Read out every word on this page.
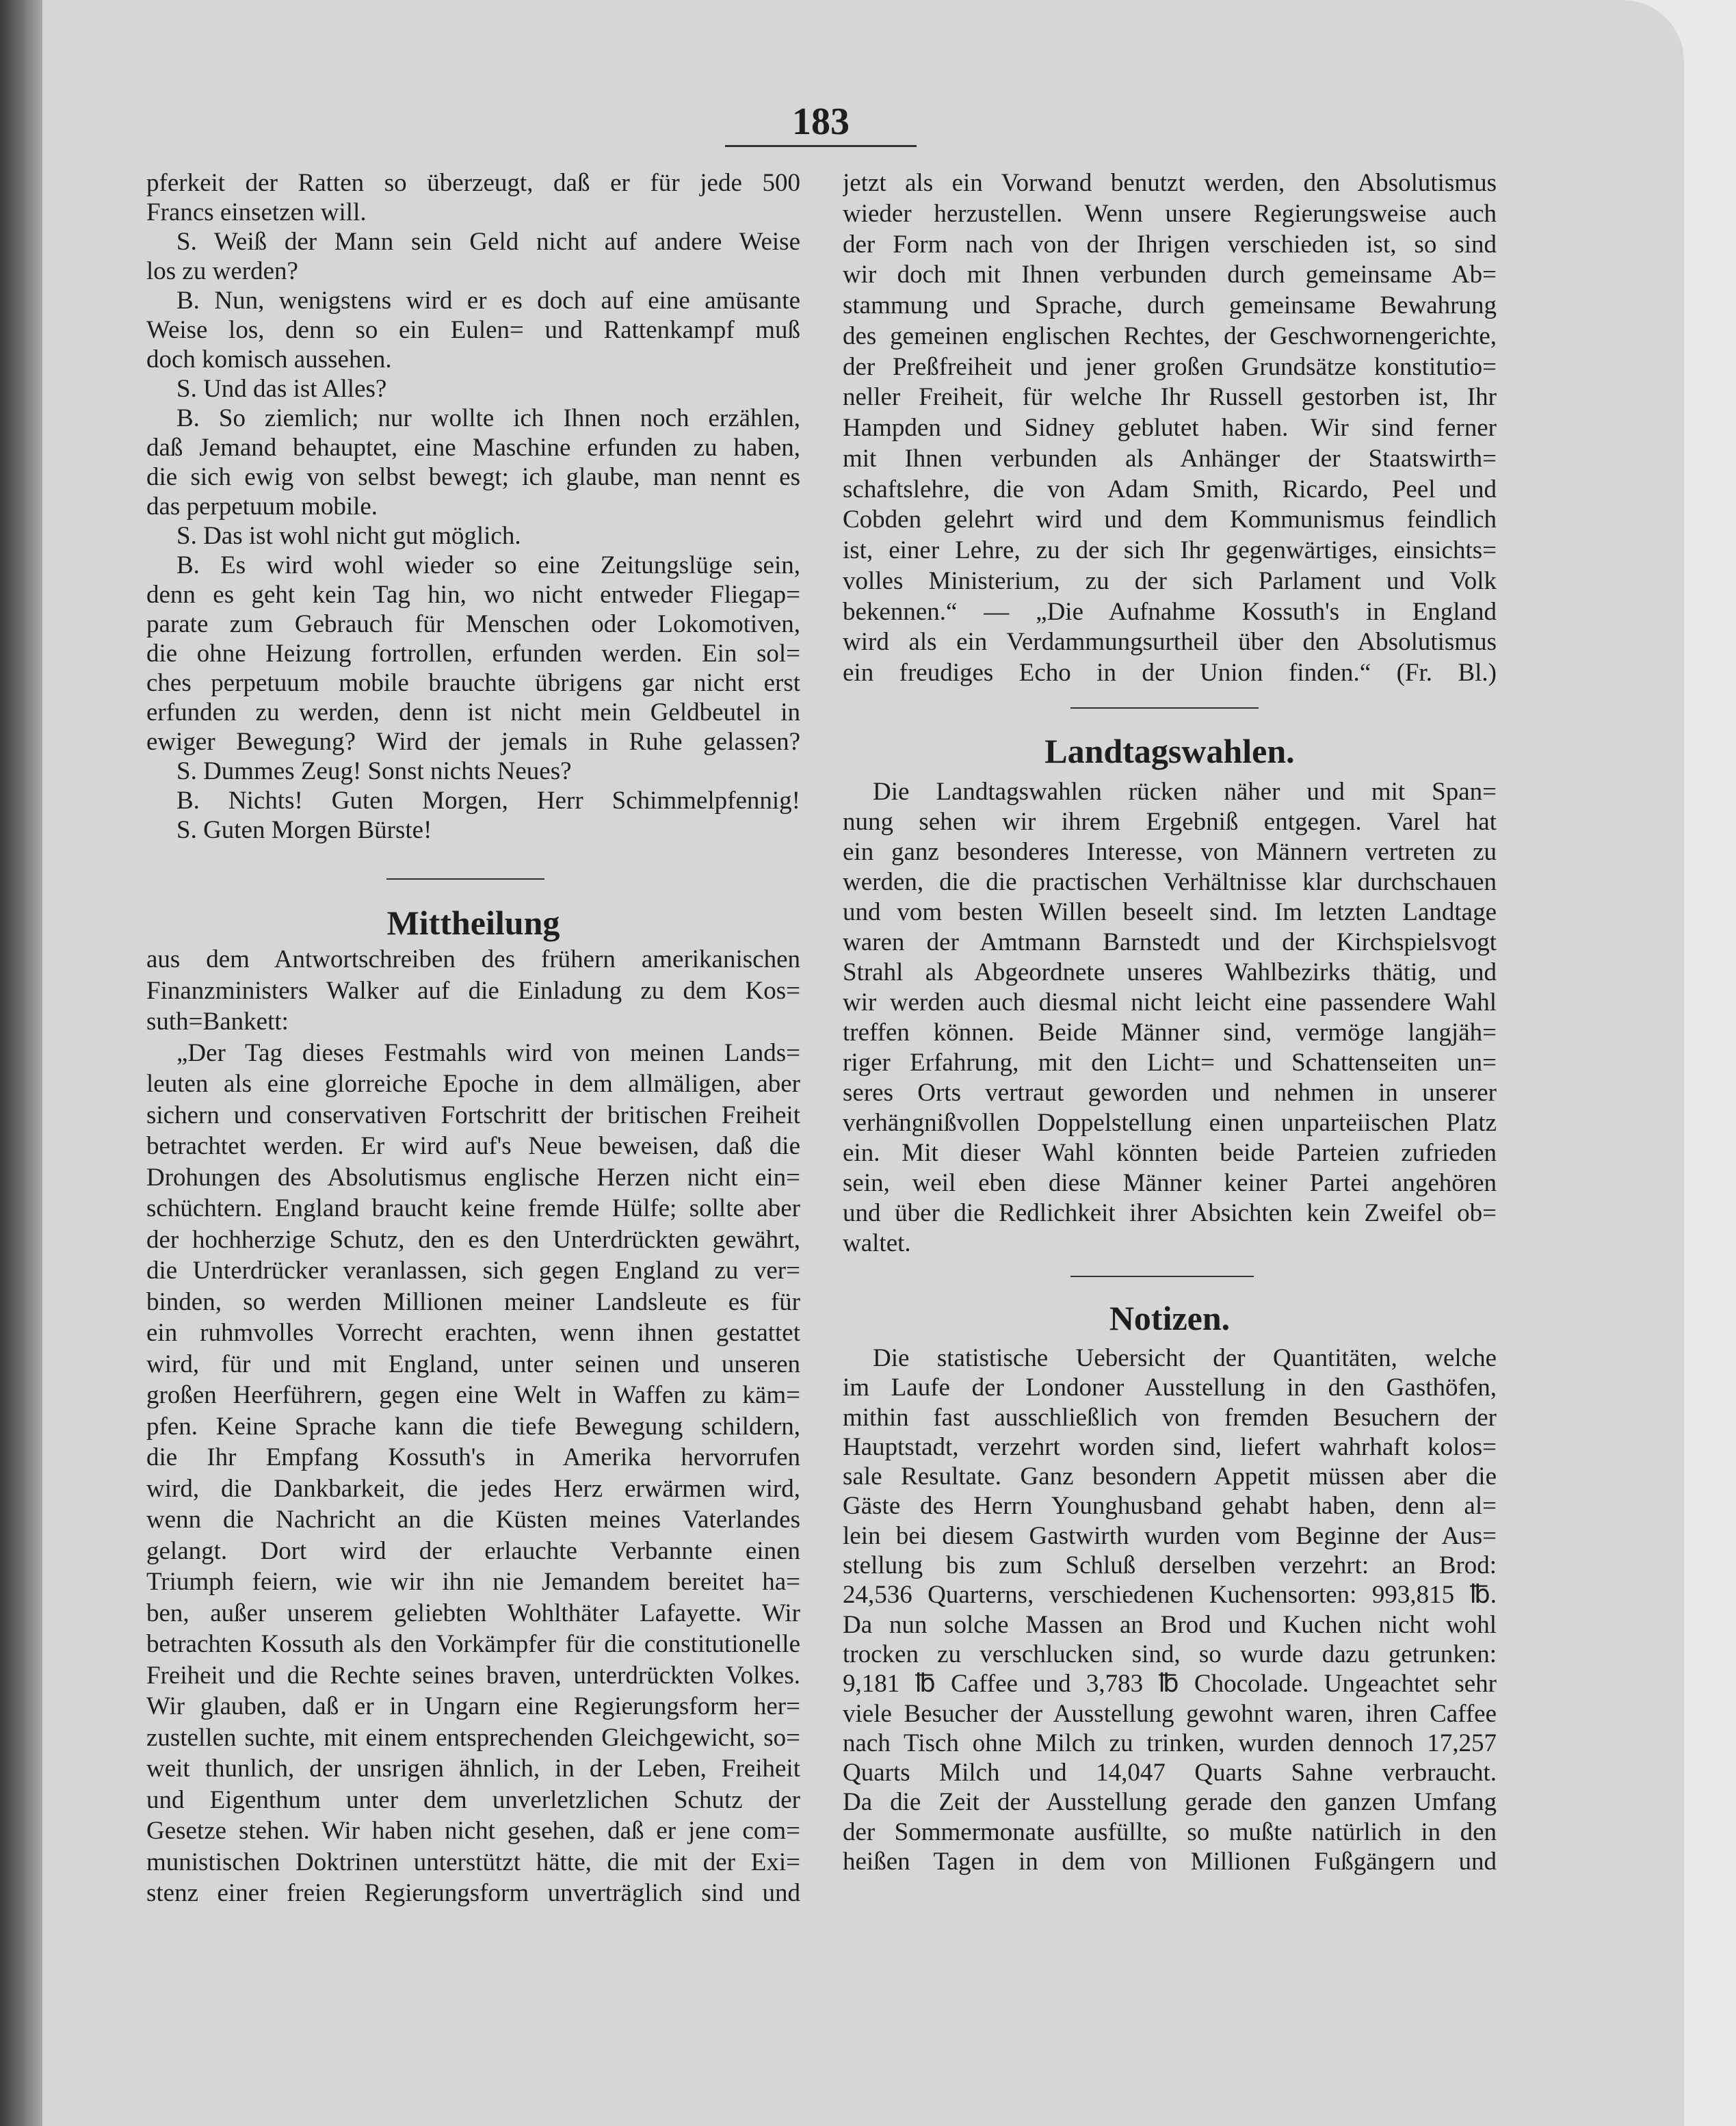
183
pferkeit der Ratten so überzeugt, daß er für jede 500
Francs einsetzen will.
S. Weiß der Mann sein Geld nicht auf andere Weise
los zu werden?
B. Nun, wenigstens wird er es doch auf eine amüsante
Weise los, denn so ein Eulen= und Rattenkampf muß
doch komisch aussehen.
S. Und das ist Alles?
B. So ziemlich; nur wollte ich Ihnen noch erzählen,
daß Jemand behauptet, eine Maschine erfunden zu haben,
die sich ewig von selbst bewegt; ich glaube, man nennt es
das perpetuum mobile.
S. Das ist wohl nicht gut möglich.
B. Es wird wohl wieder so eine Zeitungslüge sein,
denn es geht kein Tag hin, wo nicht entweder Fliegap=
parate zum Gebrauch für Menschen oder Lokomotiven,
die ohne Heizung fortrollen, erfunden werden. Ein sol=
ches perpetuum mobile brauchte übrigens gar nicht erst
erfunden zu werden, denn ist nicht mein Geldbeutel in
ewiger Bewegung? Wird der jemals in Ruhe gelassen?
S. Dummes Zeug! Sonst nichts Neues?
B. Nichts! Guten Morgen, Herr Schimmelpfennig!
S. Guten Morgen Bürste!
Mittheilung
aus dem Antwortschreiben des frühern amerikanischen
Finanzministers Walker auf die Einladung zu dem Kos=
suth=Bankett:
„Der Tag dieses Festmahls wird von meinen Lands=
leuten als eine glorreiche Epoche in dem allmäligen, aber
sichern und conservativen Fortschritt der britischen Freiheit
betrachtet werden. Er wird auf's Neue beweisen, daß die
Drohungen des Absolutismus englische Herzen nicht ein=
schüchtern. England braucht keine fremde Hülfe; sollte aber
der hochherzige Schutz, den es den Unterdrückten gewährt,
die Unterdrücker veranlassen, sich gegen England zu ver=
binden, so werden Millionen meiner Landsleute es für
ein ruhmvolles Vorrecht erachten, wenn ihnen gestattet
wird, für und mit England, unter seinen und unseren
großen Heerführern, gegen eine Welt in Waffen zu käm=
pfen. Keine Sprache kann die tiefe Bewegung schildern,
die Ihr Empfang Kossuth's in Amerika hervorrufen
wird, die Dankbarkeit, die jedes Herz erwärmen wird,
wenn die Nachricht an die Küsten meines Vaterlandes
gelangt. Dort wird der erlauchte Verbannte einen
Triumph feiern, wie wir ihn nie Jemandem bereitet ha=
ben, außer unserem geliebten Wohlthäter Lafayette. Wir
betrachten Kossuth als den Vorkämpfer für die constitutionelle
Freiheit und die Rechte seines braven, unterdrückten Volkes.
Wir glauben, daß er in Ungarn eine Regierungsform her=
zustellen suchte, mit einem entsprechenden Gleichgewicht, so=
weit thunlich, der unsrigen ähnlich, in der Leben, Freiheit
und Eigenthum unter dem unverletzlichen Schutz der
Gesetze stehen. Wir haben nicht gesehen, daß er jene com=
munistischen Doktrinen unterstützt hätte, die mit der Exi=
stenz einer freien Regierungsform unverträglich sind und
jetzt als ein Vorwand benutzt werden, den Absolutismus
wieder herzustellen. Wenn unsere Regierungsweise auch
der Form nach von der Ihrigen verschieden ist, so sind
wir doch mit Ihnen verbunden durch gemeinsame Ab=
stammung und Sprache, durch gemeinsame Bewahrung
des gemeinen englischen Rechtes, der Geschwornengerichte,
der Preßfreiheit und jener großen Grundsätze konstitutio=
neller Freiheit, für welche Ihr Russell gestorben ist, Ihr
Hampden und Sidney geblutet haben. Wir sind ferner
mit Ihnen verbunden als Anhänger der Staatswirth=
schaftslehre, die von Adam Smith, Ricardo, Peel und
Cobden gelehrt wird und dem Kommunismus feindlich
ist, einer Lehre, zu der sich Ihr gegenwärtiges, einsichts=
volles Ministerium, zu der sich Parlament und Volk
bekennen.“ — „Die Aufnahme Kossuth's in England
wird als ein Verdammungsurtheil über den Absolutismus
ein freudiges Echo in der Union finden.“ (Fr. Bl.)
Landtagswahlen.
Die Landtagswahlen rücken näher und mit Span=
nung sehen wir ihrem Ergebniß entgegen. Varel hat
ein ganz besonderes Interesse, von Männern vertreten zu
werden, die die practischen Verhältnisse klar durchschauen
und vom besten Willen beseelt sind. Im letzten Landtage
waren der Amtmann Barnstedt und der Kirchspielsvogt
Strahl als Abgeordnete unseres Wahlbezirks thätig, und
wir werden auch diesmal nicht leicht eine passendere Wahl
treffen können. Beide Männer sind, vermöge langjäh=
riger Erfahrung, mit den Licht= und Schattenseiten un=
seres Orts vertraut geworden und nehmen in unserer
verhängnißvollen Doppelstellung einen unparteiischen Platz
ein. Mit dieser Wahl könnten beide Parteien zufrieden
sein, weil eben diese Männer keiner Partei angehören
und über die Redlichkeit ihrer Absichten kein Zweifel ob=
waltet.
Notizen.
Die statistische Uebersicht der Quantitäten, welche
im Laufe der Londoner Ausstellung in den Gasthöfen,
mithin fast ausschließlich von fremden Besuchern der
Hauptstadt, verzehrt worden sind, liefert wahrhaft kolos=
sale Resultate. Ganz besondern Appetit müssen aber die
Gäste des Herrn Younghusband gehabt haben, denn al=
lein bei diesem Gastwirth wurden vom Beginne der Aus=
stellung bis zum Schluß derselben verzehrt: an Brod:
24,536 Quarterns, verschiedenen Kuchensorten: 993,815 ℔.
Da nun solche Massen an Brod und Kuchen nicht wohl
trocken zu verschlucken sind, so wurde dazu getrunken:
9,181 ℔ Caffee und 3,783 ℔ Chocolade. Ungeachtet sehr
viele Besucher der Ausstellung gewohnt waren, ihren Caffee
nach Tisch ohne Milch zu trinken, wurden dennoch 17,257
Quarts Milch und 14,047 Quarts Sahne verbraucht.
Da die Zeit der Ausstellung gerade den ganzen Umfang
der Sommermonate ausfüllte, so mußte natürlich in den
heißen Tagen in dem von Millionen Fußgängern und
